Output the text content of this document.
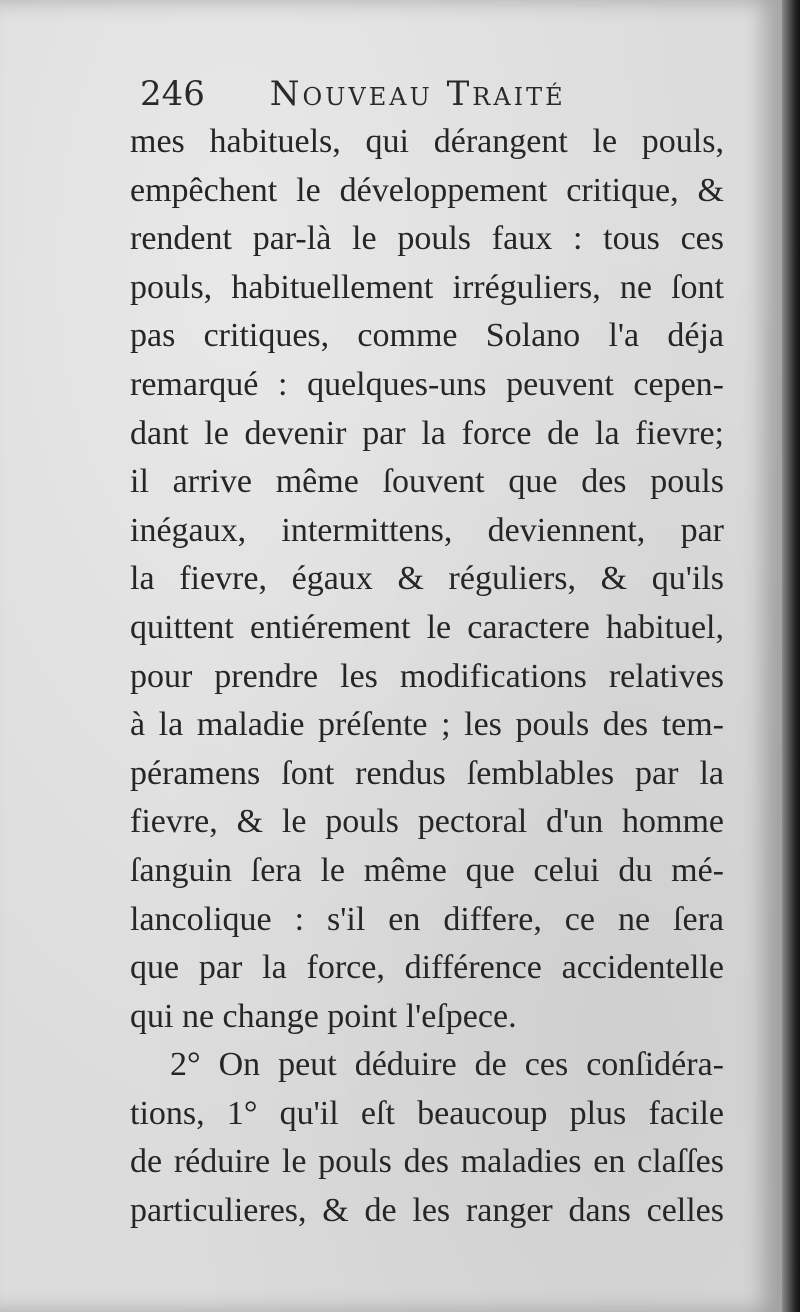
246 Nouveau Traité
mes habituels, qui dérangent le pouls,
empêchent le développement critique, &
rendent par-là le pouls faux : tous ces
pouls, habituellement irréguliers, ne ſont
pas critiques, comme Solano l'a déja
remarqué : quelques-uns peuvent cepen-
dant le devenir par la force de la fievre;
il arrive même ſouvent que des pouls
inégaux, intermittens, deviennent, par
la fievre, égaux & réguliers, & qu'ils
quittent entiérement le caractere habituel,
pour prendre les modifications relatives
à la maladie préſente ; les pouls des tem-
péramens ſont rendus ſemblables par la
fievre, & le pouls pectoral d'un homme
ſanguin ſera le même que celui du mé-
lancolique : s'il en differe, ce ne ſera
que par la force, différence accidentelle
qui ne change point l'eſpece.
2° On peut déduire de ces conſidéra-
tions, 1° qu'il eſt beaucoup plus facile
de réduire le pouls des maladies en claſſes
particulieres, & de les ranger dans celles
